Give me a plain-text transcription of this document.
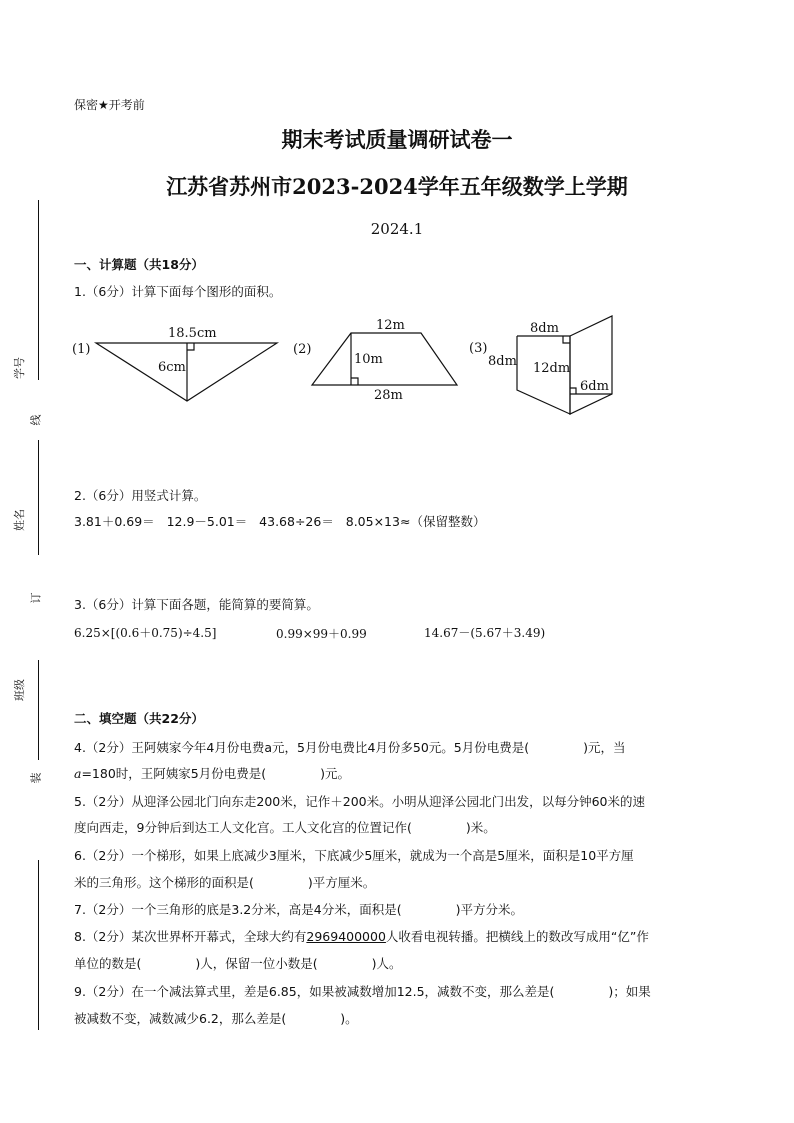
学号
线
姓名
订
班级
装
保密★开考前
期末考试质量调研试卷一
江苏省苏州市2023-2024学年五年级数学上学期
2024.1
一、计算题（共18分）
1.（6分）计算下面每个图形的面积。
(1)
18.5cm
6cm
(2)
12m
10m
28m
(3)
8dm
8dm
12dm
6dm
2.（6分）用竖式计算。
3.81＋0.69＝   12.9－5.01＝   43.68÷26＝   8.05×13≈（保留整数）
3.（6分）计算下面各题，能简算的要简算。
6.25×[(0.6＋0.75)÷4.5]	0.99×99＋0.99	14.67－(5.67＋3.49)
二、填空题（共22分）
4.（2分）王阿姨家今年4月份电费a元，5月份电费比4月份多50元。5月份电费是(	)元，当
a=180时，王阿姨家5月份电费是(	)元。
5.（2分）从迎泽公园北门向东走200米，记作＋200米。小明从迎泽公园北门出发，以每分钟60米的速
度向西走，9分钟后到达工人文化宫。工人文化宫的位置记作(	)米。
6.（2分）一个梯形，如果上底减少3厘米，下底减少5厘米，就成为一个高是5厘米，面积是10平方厘
米的三角形。这个梯形的面积是(	)平方厘米。
7.（2分）一个三角形的底是3.2分米，高是4分米，面积是(	)平方分米。
8.（2分）某次世界杯开幕式，全球大约有2969400000人收看电视转播。把横线上的数改写成用“亿”作
单位的数是(	)人，保留一位小数是(	)人。
9.（2分）在一个减法算式里，差是6.85，如果被减数增加12.5，减数不变，那么差是(	)；如果
被减数不变，减数减少6.2，那么差是(	)。
